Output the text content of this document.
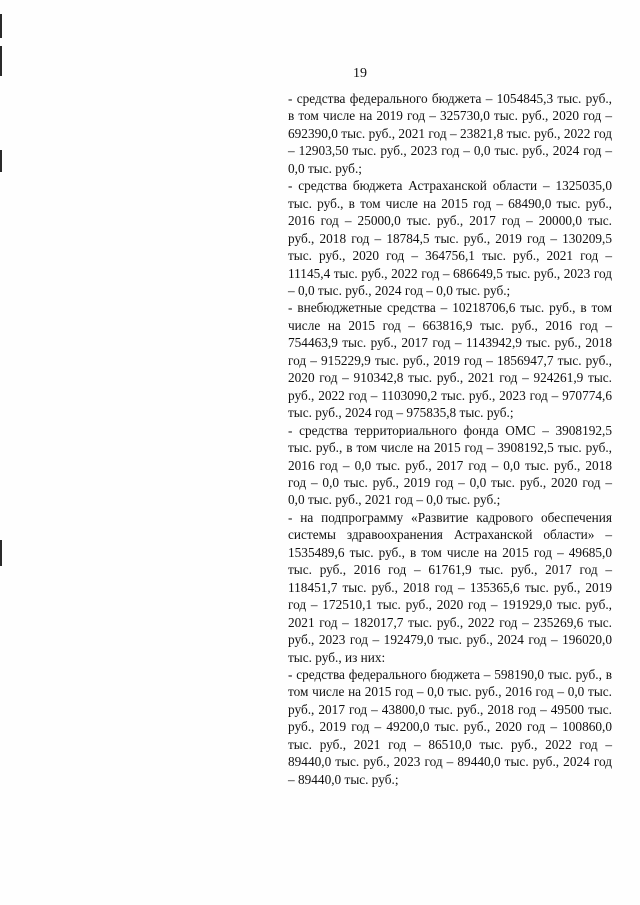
19

- средства федерального бюджета – 1054845,3 тыс. руб., в том числе на 2019 год – 325730,0 тыс. руб., 2020 год – 692390,0 тыс. руб., 2021 год – 23821,8 тыс. руб., 2022 год – 12903,50 тыс. руб., 2023 год – 0,0 тыс. руб., 2024 год – 0,0 тыс. руб.;

- средства бюджета Астраханской области – 1325035,0 тыс. руб., в том числе на 2015 год – 68490,0 тыс. руб., 2016 год – 25000,0 тыс. руб., 2017 год – 20000,0 тыс. руб., 2018 год – 18784,5 тыс. руб., 2019 год – 130209,5 тыс. руб., 2020 год – 364756,1 тыс. руб., 2021 год – 11145,4 тыс. руб., 2022 год – 686649,5 тыс. руб., 2023 год – 0,0 тыс. руб., 2024 год – 0,0 тыс. руб.;

- внебюджетные средства – 10218706,6 тыс. руб., в том числе на 2015 год – 663816,9 тыс. руб., 2016 год – 754463,9 тыс. руб., 2017 год – 1143942,9 тыс. руб., 2018 год – 915229,9 тыс. руб., 2019 год – 1856947,7 тыс. руб., 2020 год – 910342,8 тыс. руб., 2021 год – 924261,9 тыс. руб., 2022 год – 1103090,2 тыс. руб., 2023 год – 970774,6 тыс. руб., 2024 год – 975835,8 тыс. руб.;

- средства территориального фонда ОМС – 3908192,5 тыс. руб., в том числе на 2015 год – 3908192,5 тыс. руб., 2016 год – 0,0 тыс. руб., 2017 год – 0,0 тыс. руб., 2018 год – 0,0 тыс. руб., 2019 год – 0,0 тыс. руб., 2020 год – 0,0 тыс. руб., 2021 год – 0,0 тыс. руб.;

- на подпрограмму «Развитие кадрового обеспечения системы здравоохранения Астраханской области» – 1535489,6 тыс. руб., в том числе на 2015 год – 49685,0 тыс. руб., 2016 год – 61761,9 тыс. руб., 2017 год – 118451,7 тыс. руб., 2018 год – 135365,6 тыс. руб., 2019 год – 172510,1 тыс. руб., 2020 год – 191929,0 тыс. руб., 2021 год – 182017,7 тыс. руб., 2022 год – 235269,6 тыс. руб., 2023 год – 192479,0 тыс. руб., 2024 год – 196020,0 тыс. руб., из них:

- средства федерального бюджета – 598190,0 тыс. руб., в том числе на 2015 год – 0,0 тыс. руб., 2016 год – 0,0 тыс. руб., 2017 год – 43800,0 тыс. руб., 2018 год – 49500 тыс. руб., 2019 год – 49200,0 тыс. руб., 2020 год – 100860,0 тыс. руб., 2021 год – 86510,0 тыс. руб., 2022 год – 89440,0 тыс. руб., 2023 год – 89440,0 тыс. руб., 2024 год – 89440,0 тыс. руб.;
